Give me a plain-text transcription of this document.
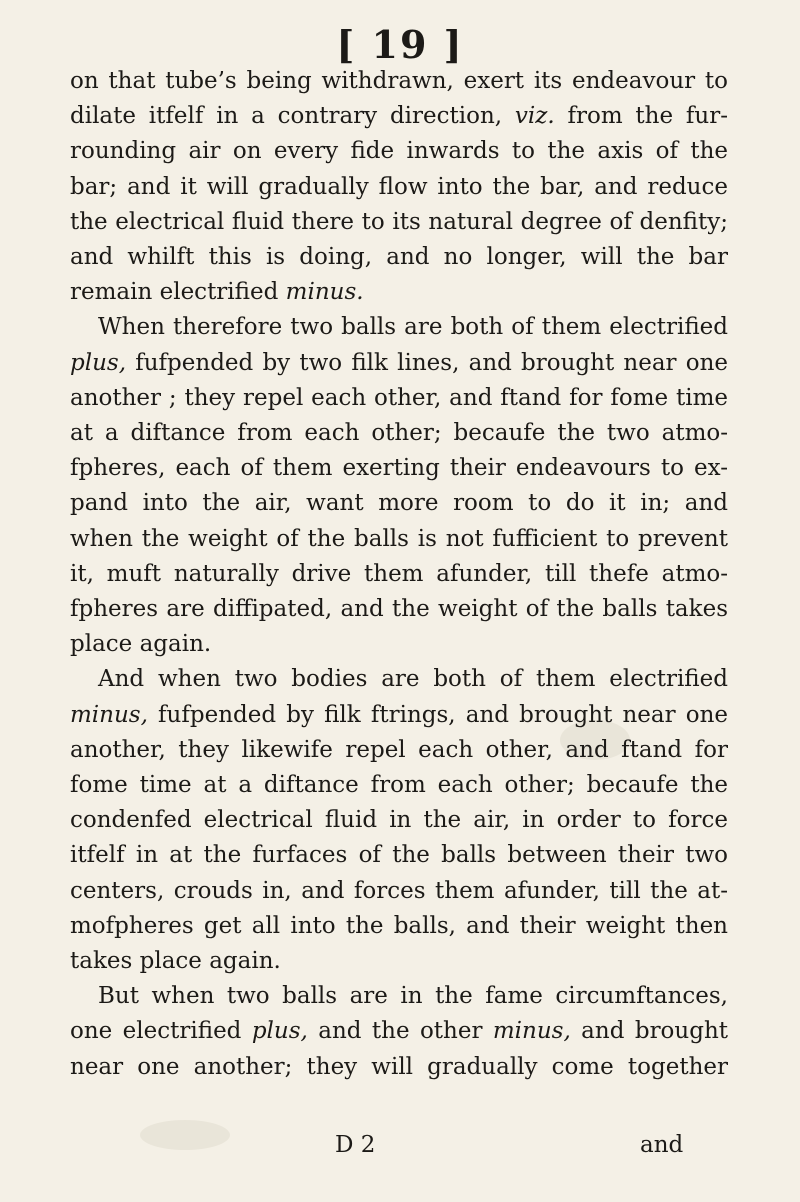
[ 19 ]
on that tube’s being withdrawn, exert its endeavour to
dilate itfelf in a contrary direction, viz. from the fur-
rounding air on every fide inwards to the axis of the
bar; and it will gradually flow into the bar, and reduce
the electrical fluid there to its natural degree of denfity;
and whilft this is doing, and no longer, will the bar
remain electrified minus.
When therefore two balls are both of them electrified
plus, fufpended by two filk lines, and brought near one
another ; they repel each other, and ftand for fome time
at a diftance from each other; becaufe the two atmo-
fpheres, each of them exerting their endeavours to ex-
pand into the air, want more room to do it in; and
when the weight of the balls is not fufficient to prevent
it, muft naturally drive them afunder, till thefe atmo-
fpheres are diffipated, and the weight of the balls takes
place again.
And when two bodies are both of them electrified
minus, fufpended by filk ftrings, and brought near one
another, they likewife repel each other, and ftand for
fome time at a diftance from each other; becaufe the
condenfed electrical fluid in the air, in order to force
itfelf in at the furfaces of the balls between their two
centers, crouds in, and forces them afunder, till the at-
mofpheres get all into the balls, and their weight then
takes place again.
But when two balls are in the fame circumftances,
one electrified plus, and the other minus, and brought
near one another; they will gradually come together
D 2	and
